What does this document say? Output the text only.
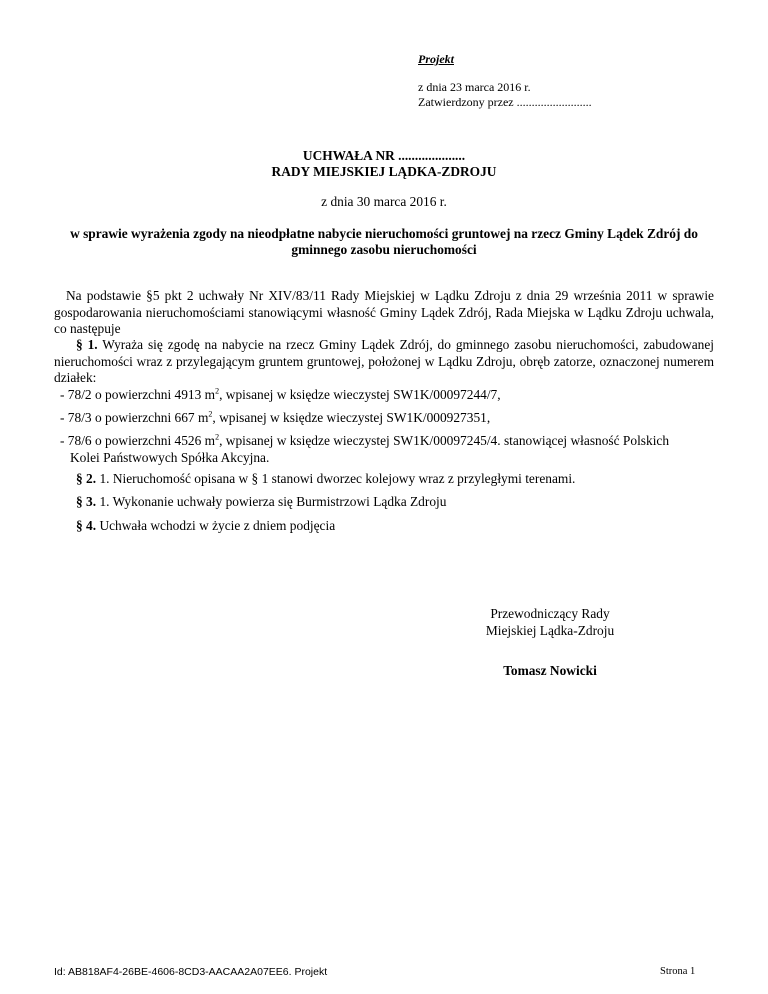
Projekt
z dnia 23 marca 2016 r.
Zatwierdzony przez .........................
UCHWAŁA NR ....................
RADY MIEJSKIEJ LĄDKA-ZDROJU
z dnia 30 marca 2016 r.
w sprawie wyrażenia zgody na nieodpłatne nabycie nieruchomości gruntowej na rzecz Gminy Lądek Zdrój do gminnego zasobu nieruchomości
Na podstawie §5 pkt 2 uchwały Nr XIV/83/11 Rady Miejskiej w Lądku Zdroju z dnia 29 września 2011 w sprawie gospodarowania nieruchomościami stanowiącymi własność Gminy Lądek Zdrój, Rada Miejska w Lądku Zdroju uchwala, co następuje
§ 1. Wyraża się zgodę na nabycie na rzecz Gminy Lądek Zdrój, do gminnego zasobu nieruchomości, zabudowanej nieruchomości wraz z przylegającym gruntem gruntowej, położonej w Lądku Zdroju, obręb zatorze, oznaczonej numerem działek:
- 78/2 o powierzchni 4913 $m^2$, wpisanej w księdze wieczystej SW1K/00097244/7,
- 78/3 o powierzchni 667 $m^2$, wpisanej w księdze wieczystej SW1K/000927351,
- 78/6 o powierzchni 4526 $m^2$, wpisanej w księdze wieczystej SW1K/00097245/4. stanowiącej własność Polskich
Kolei Państwowych Spółka Akcyjna.
§ 2. 1. Nieruchomość opisana w § 1 stanowi dworzec kolejowy wraz z przyległymi terenami.
§ 3. 1. Wykonanie uchwały powierza się Burmistrzowi Lądka Zdroju
§ 4. Uchwała wchodzi w życie z dniem podjęcia
Przewodniczący Rady
Miejskiej Lądka-Zdroju
Tomasz Nowicki
Id: AB818AF4-26BE-4606-8CD3-AACAA2A07EE6. Projekt	Strona 1
